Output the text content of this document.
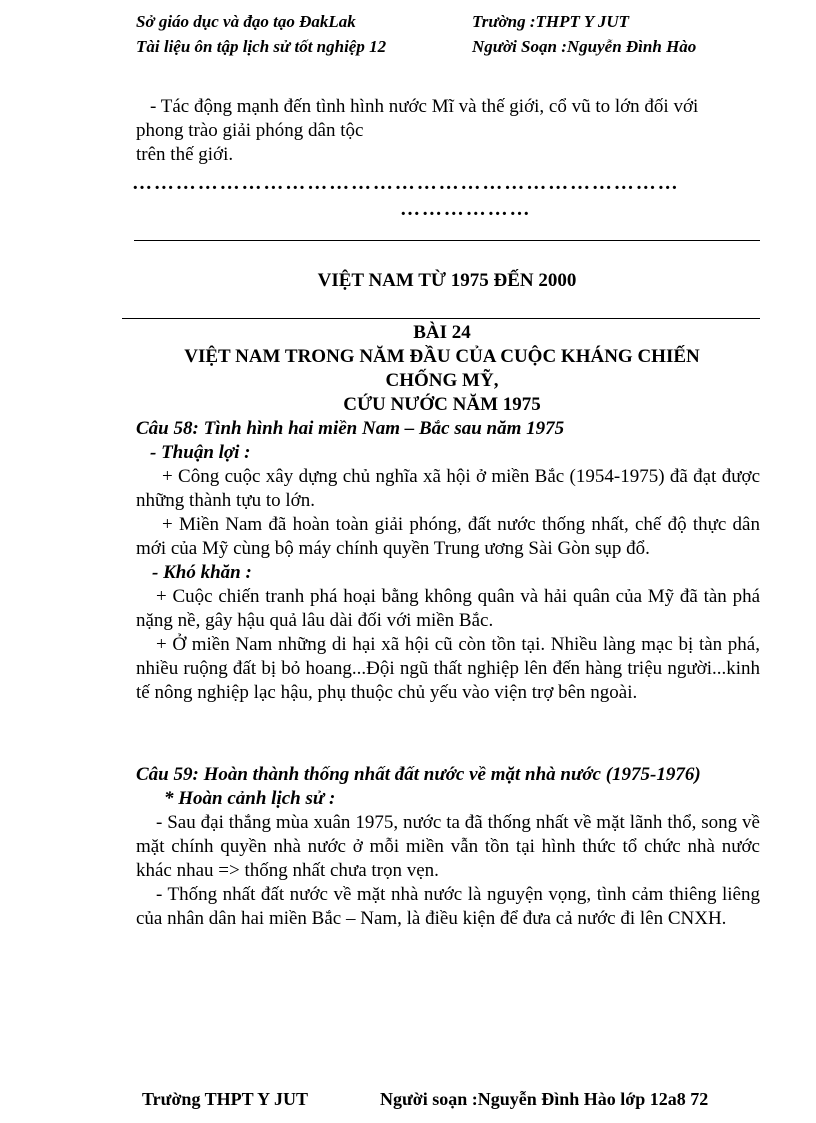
Sở giáo dục và đạo tạo ĐakLak	Trường :THPT Y JUT
Tài liệu ôn tập lịch sử tốt nghiệp 12	Người Soạn :Nguyễn Đình Hào

- Tác động mạnh đến tình hình nước Mĩ và thế giới, cổ vũ to lớn đối với

phong trào giải phóng dân tộc

trên thế giới.

…………………………………………………………………
………………
VIỆT NAM TỪ 1975 ĐẾN 2000
BÀI 24
VIỆT NAM TRONG NĂM ĐẦU CỦA CUỘC KHÁNG CHIẾN
CHỐNG MỸ,
CỨU NƯỚC NĂM 1975

Câu 58: Tình hình hai miền Nam – Bắc sau năm 1975

- Thuận lợi :

+ Công cuộc xây dựng chủ nghĩa xã hội ở miền Bắc (1954-1975) đã đạt được những thành tựu to lớn.

+ Miền Nam đã hoàn toàn giải phóng, đất nước thống nhất, chế độ thực dân mới của Mỹ cùng bộ máy chính quyền Trung ương Sài Gòn sụp đổ.

- Khó khăn :

+ Cuộc chiến tranh phá hoại bằng không quân và hải quân của Mỹ đã tàn phá nặng nề, gây hậu quả lâu dài đối với miền Bắc.

+ Ở miền Nam những di hại xã hội cũ còn tồn tại. Nhiều làng mạc bị tàn phá, nhiều ruộng đất bị bỏ hoang...Đội ngũ thất nghiệp lên đến hàng triệu người...kinh tế nông nghiệp lạc hậu, phụ thuộc chủ yếu vào viện trợ bên ngoài.

Câu 59: Hoàn thành thống nhất đất nước về mặt nhà nước (1975-1976)

* Hoàn cảnh lịch sử :

- Sau đại thắng mùa xuân 1975, nước ta đã thống nhất về mặt lãnh thổ, song về mặt chính quyền nhà nước ở mỗi miền vẫn tồn tại hình thức tổ chức nhà nước khác nhau => thống nhất chưa trọn vẹn.

- Thống nhất đất nước về mặt nhà nước là nguyện vọng, tình cảm thiêng liêng của nhân dân hai miền Bắc – Nam, là điều kiện để đưa cả nước đi lên CNXH.

Trường THPT Y JUT	Người soạn :Nguyễn Đình Hào lớp 12a8 72
